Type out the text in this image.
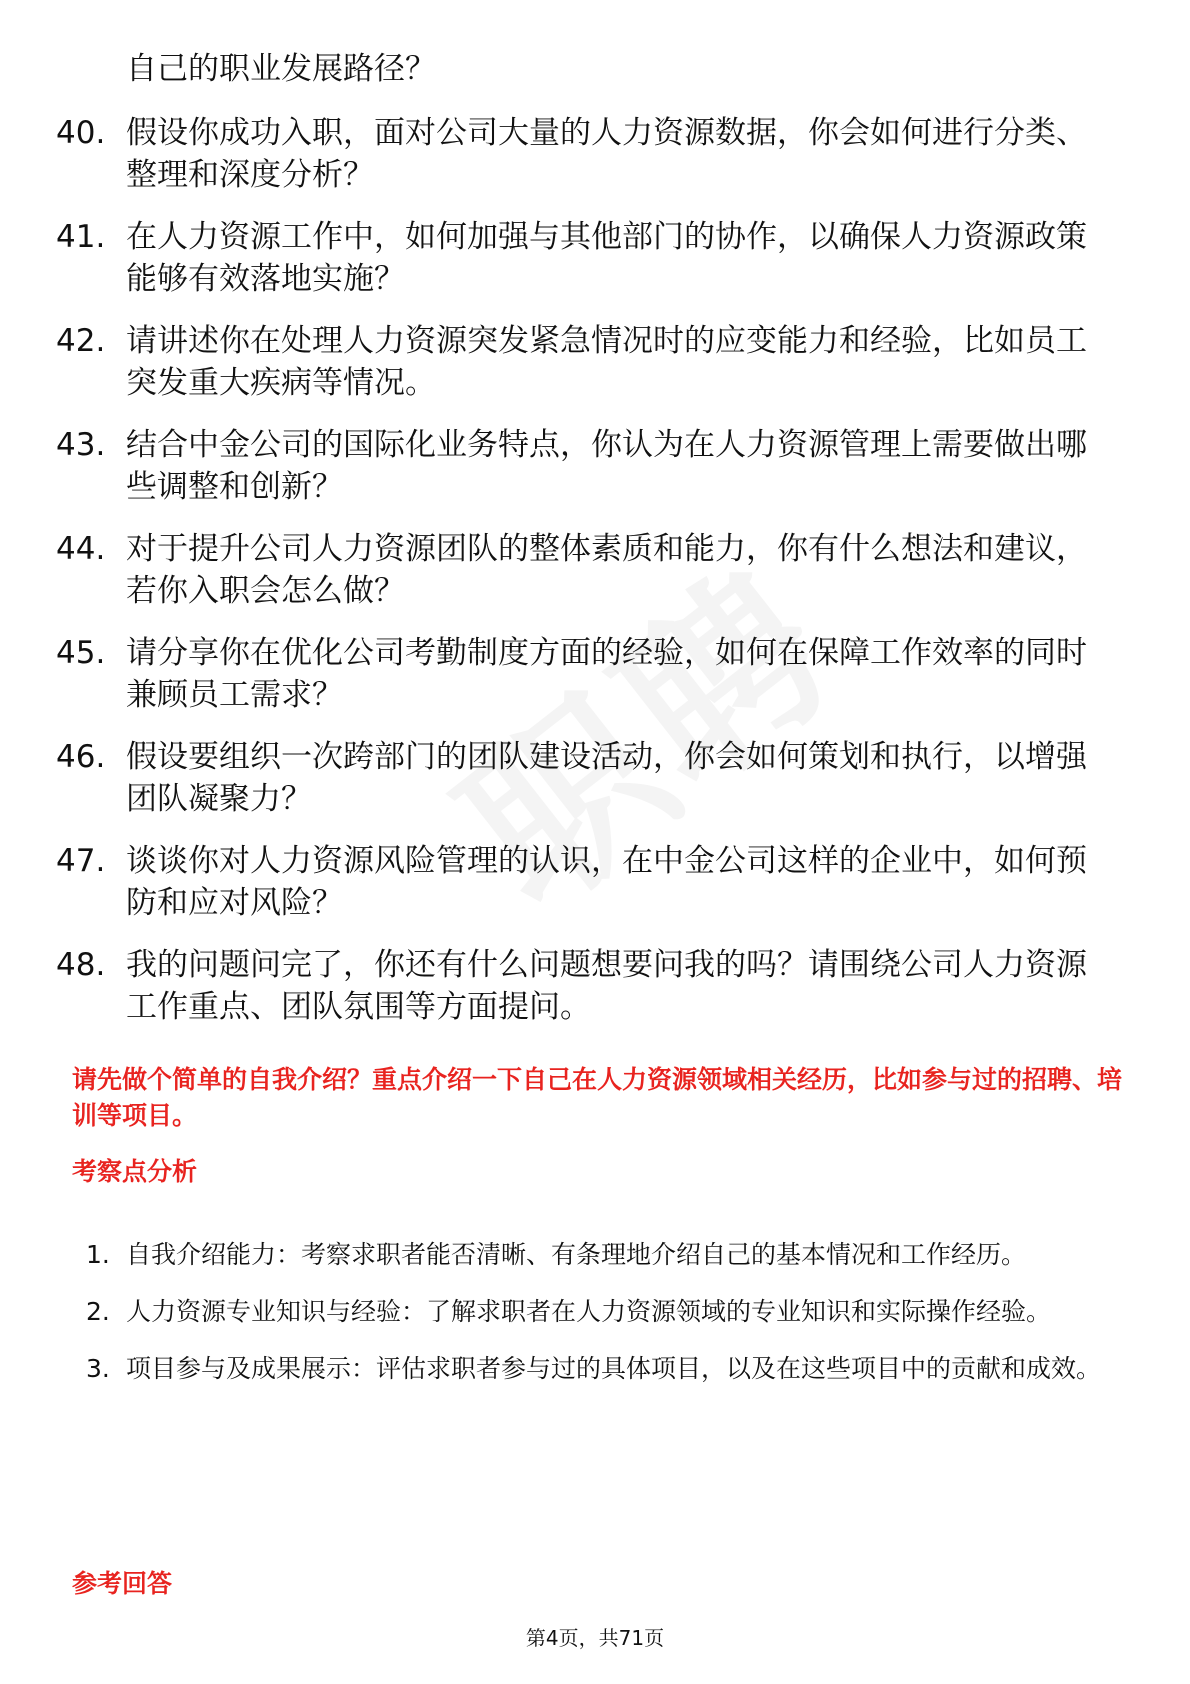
自己的职业发展路径？
40. 假设你成功入职，面对公司大量的人力资源数据，你会如何进行分类、整理和深度分析？
41. 在人力资源工作中，如何加强与其他部门的协作，以确保人力资源政策能够有效落地实施？
42. 请讲述你在处理人力资源突发紧急情况时的应变能力和经验，比如员工突发重大疾病等情况。
43. 结合中金公司的国际化业务特点，你认为在人力资源管理上需要做出哪些调整和创新？
44. 对于提升公司人力资源团队的整体素质和能力，你有什么想法和建议，若你入职会怎么做？
45. 请分享你在优化公司考勤制度方面的经验，如何在保障工作效率的同时兼顾员工需求？
46. 假设要组织一次跨部门的团队建设活动，你会如何策划和执行，以增强团队凝聚力？
47. 谈谈你对人力资源风险管理的认识，在中金公司这样的企业中，如何预防和应对风险？
48. 我的问题问完了，你还有什么问题想要问我的吗？请围绕公司人力资源工作重点、团队氛围等方面提问。
请先做个简单的自我介绍？重点介绍一下自己在人力资源领域相关经历，比如参与过的招聘、培训等项目。
考察点分析
1. 自我介绍能力：考察求职者能否清晰、有条理地介绍自己的基本情况和工作经历。
2. 人力资源专业知识与经验：了解求职者在人力资源领域的专业知识和实际操作经验。
3. 项目参与及成果展示：评估求职者参与过的具体项目，以及在这些项目中的贡献和成效。
参考回答
第4页，共71页
